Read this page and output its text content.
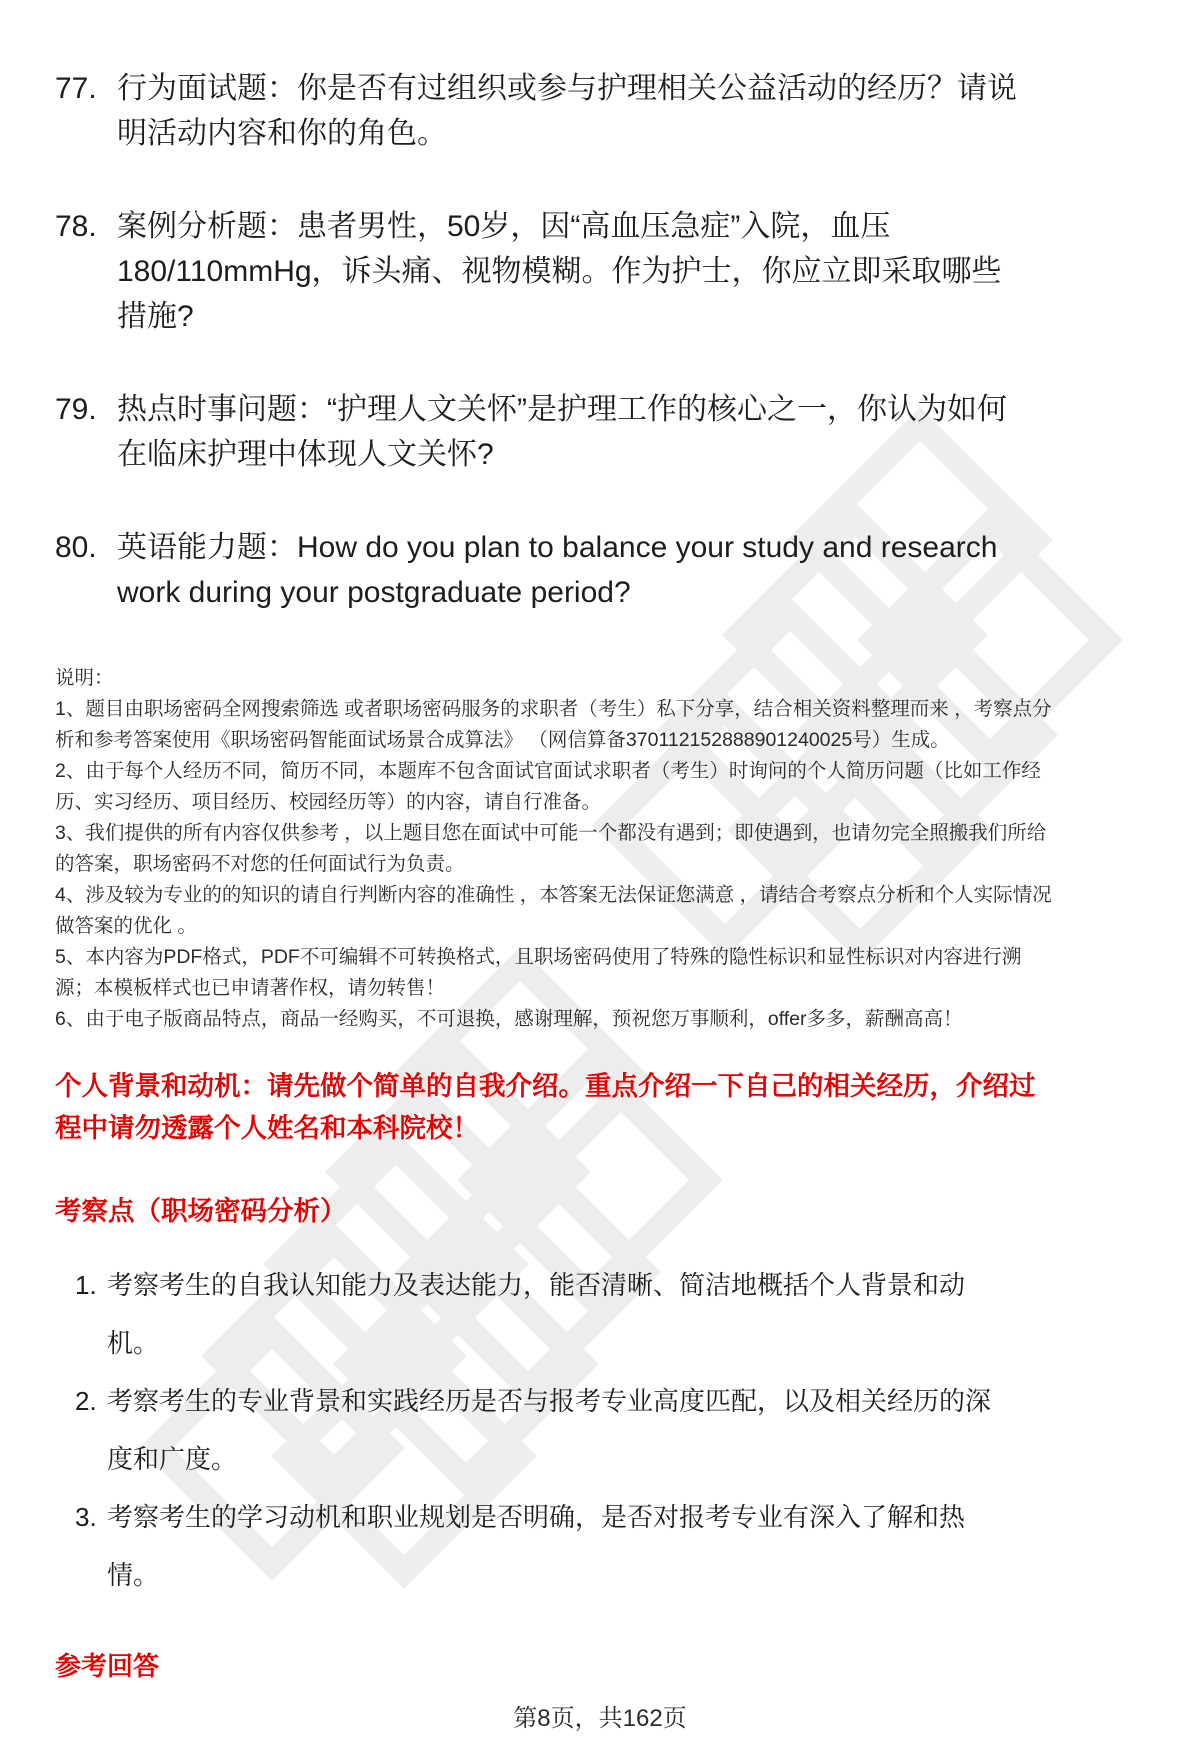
77. 行为面试题：你是否有过组织或参与护理相关公益活动的经历？请说明活动内容和你的角色。
78. 案例分析题：患者男性，50岁，因“高血压急症”入院，血压180/110mmHg，诉头痛、视物模糊。作为护士，你应立即采取哪些措施?
79. 热点时事问题：“护理人文关怀”是护理工作的核心之一，你认为如何在临床护理中体现人文关怀?
80. 英语能力题：How do you plan to balance your study and research work during your postgraduate period?

说明：

1、题目由职场密码全网搜索筛选 或者职场密码服务的求职者（考生）私下分享，结合相关资料整理而来 ，考察点分析和参考答案使用《职场密码智能面试场景合成算法》 （网信算备370112152888901240025号）生成。

2、由于每个人经历不同，简历不同，本题库不包含面试官面试求职者（考生）时询问的个人简历问题（比如工作经历、实习经历、项目经历、校园经历等）的内容，请自行准备。

3、我们提供的所有内容仅供参考 ，以上题目您在面试中可能一个都没有遇到；即使遇到，也请勿完全照搬我们所给的答案，职场密码不对您的任何面试行为负责。

4、涉及较为专业的的知识的请自行判断内容的准确性 ，本答案无法保证您满意 ，请结合考察点分析和个人实际情况做答案的优化 。

5、本内容为PDF格式，PDF不可编辑不可转换格式，且职场密码使用了特殊的隐性标识和显性标识对内容进行溯源；本模板样式也已申请著作权，请勿转售！

6、由于电子版商品特点，商品一经购买，不可退换，感谢理解，预祝您万事顺利，offer多多，薪酬高高！

个人背景和动机：请先做个简单的自我介绍。重点介绍一下自己的相关经历，介绍过程中请勿透露个人姓名和本科院校！
考察点（职场密码分析）
1. 考察考生的自我认知能力及表达能力，能否清晰、简洁地概括个人背景和动机。
2. 考察考生的专业背景和实践经历是否与报考专业高度匹配，以及相关经历的深度和广度。
3. 考察考生的学习动机和职业规划是否明确，是否对报考专业有深入了解和热情。
参考回答
第8页，共162页
